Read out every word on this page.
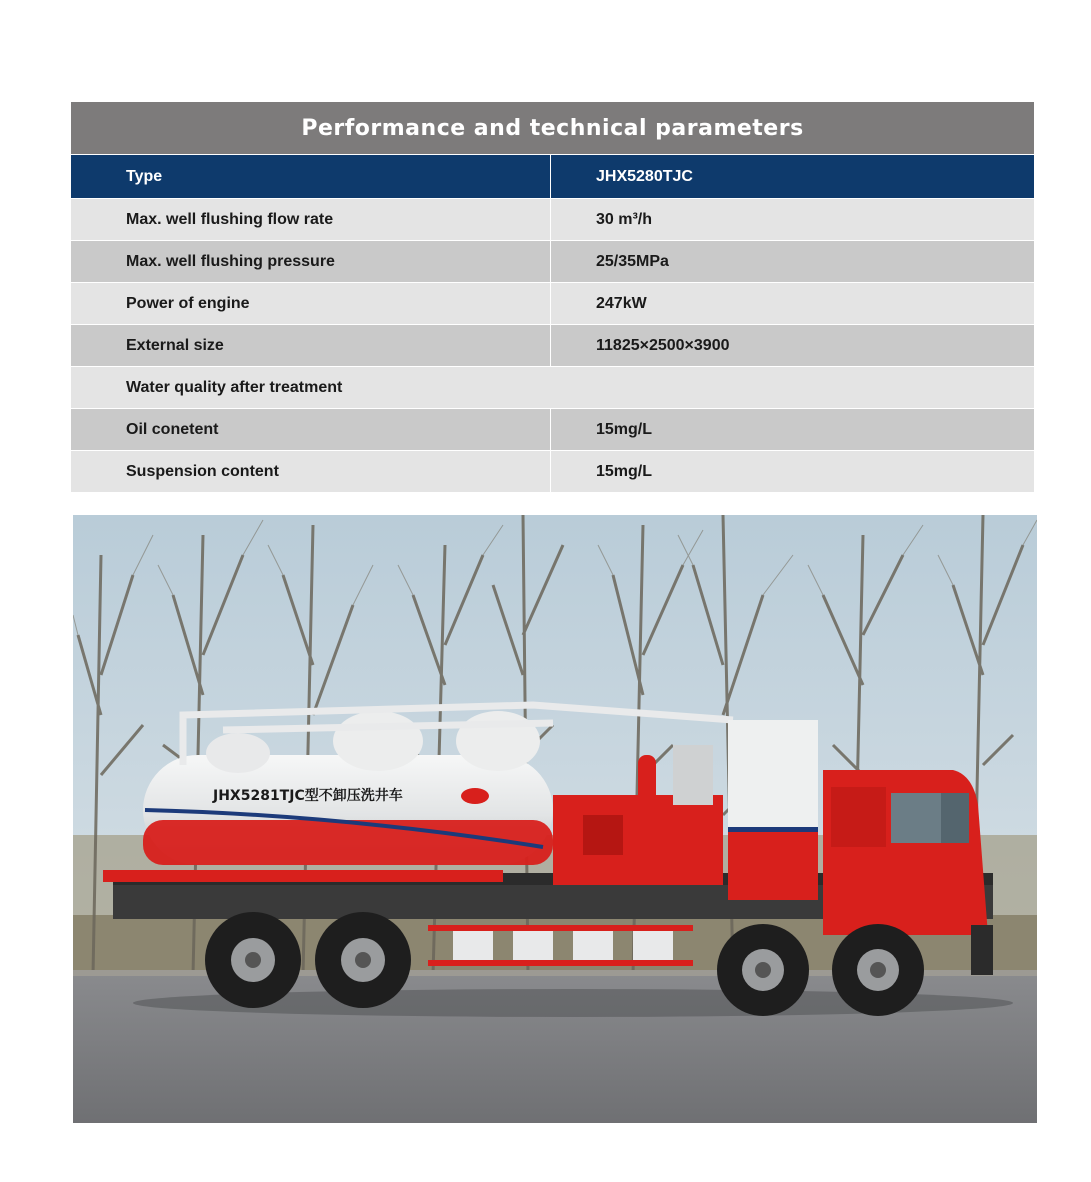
Performance and technical parameters
Type	JHX5280TJC
Max. well flushing flow rate	30 m³/h
Max. well flushing pressure	25/35MPa
Power of engine	247kW
External size	11825×2500×3900
Water quality after treatment
Oil conetent	15mg/L
Suspension content	15mg/L
JHX5281TJC型不卸压洗井车
